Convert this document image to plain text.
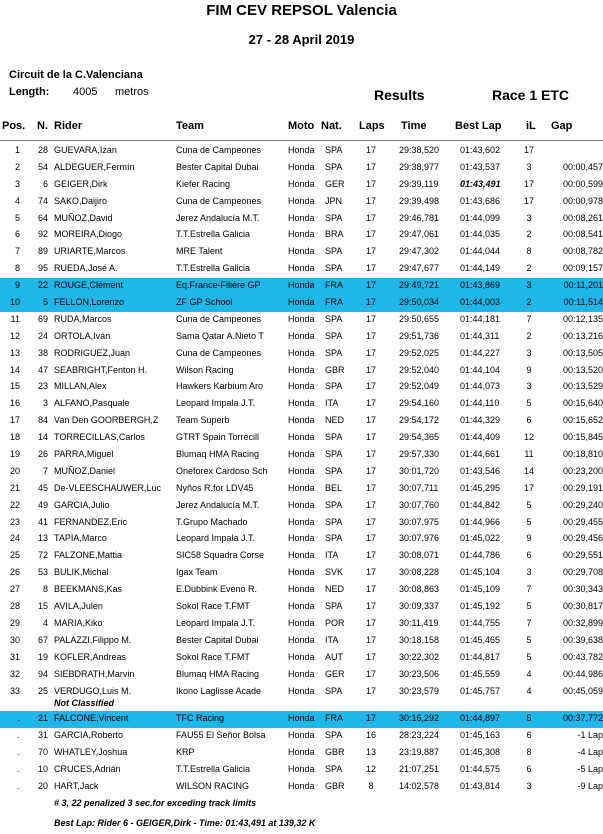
FIM CEV REPSOL Valencia
27 - 28 April 2019
Circuit de la C.Valenciana
Length: 4005 metros	Results	Race 1 ETC
Pos. N. Rider	Team	Moto Nat. Laps Time	Best Lap iL Gap
1	28 GUEVARA,Izan	Cuna de Campeones	Honda	SPA	17	29:38,520	01:43,602	17
2	54 ALDEGUER,Fermín	Bester Capital Dubai	Honda	SPA	17	29:38,977	01:43,537	3	00:00,457
3	6 GEIGER,Dirk	Kiefer Racing	Honda	GER	17	29:39,119	01:43,491	17	00:00,599
4	74 SAKO,Daijiro	Cuna de Campeones	Honda	JPN	17	29:39,498	01:43,686	17	00:00,978
5	64 MUÑOZ,David	Jerez Andalucía M.T.	Honda	SPA	17	29:46,781	01:44,099	3	00:08,261
6	92 MOREIRA,Diogo	T.T.Estrella Galicia	Honda	BRA	17	29:47,061	01:44,035	2	00:08,541
7	89 URIARTE,Marcos	MRE Talent	Honda	SPA	17	29:47,302	01:44,044	8	00:08,782
8	95 RUEDA,José A.	T.T.Estrella Galicia	Honda	SPA	17	29:47,677	01:44,149	2	00:09,157
9	22 ROUGE,Clément	Eq.France-Filière GP	Honda	FRA	17	29:49,721	01:43,869	3	00:11,201
10	5 FELLON,Lorenzo	ZF GP School	Honda	FRA	17	29:50,034	01:44,003	2	00:11,514
11	69 RUDA,Marcos	Cuna de Campeones	Honda	SPA	17	29:50,655	01:44,181	7	00:12,135
12	24 ORTOLA,Iván	Sama Qatar A.Nieto T	Honda	SPA	17	29:51,736	01:44,311	2	00:13,216
13	38 RODRIGUEZ,Juan	Cuna de Campeones	Honda	SPA	17	29:52,025	01:44,227	3	00:13,505
14	47 SEABRIGHT,Fenton H.	Wilson Racing	Honda	GBR	17	29:52,040	01:44,104	9	00:13,520
15	23 MILLAN,Alex	Hawkers Karbium Aro	Honda	SPA	17	29:52,049	01:44,073	3	00:13,529
16	3 ALFANO,Pasquale	Leopard Impala J.T.	Honda	ITA	17	29:54,160	01:44,110	5	00:15,640
17	84 Van Den GOORBERGH,Z	Team Superb	Honda	NED	17	29:54,172	01:44,329	6	00:15,652
18	14 TORRECILLAS,Carlos	GTRT Spain Torrecill	Honda	SPA	17	29:54,365	01:44,409	12	00:15,845
19	26 PARRA,Miguel	Blumaq HMA Racing	Honda	SPA	17	29:57,330	01:44,661	11	00:18,810
20	7 MUÑOZ,Daniel	Oneforex Cardoso Sch	Honda	SPA	17	30:01,720	01:43,546	14	00:23,200
21	45 De-VLEESCHAUWER,Luc	Nyños R.for LDV45	Honda	BEL	17	30:07,711	01:45,295	17	00:29,191
22	49 GARCIA,Julio	Jerez Andalucía M.T.	Honda	SPA	17	30:07,760	01:44,842	5	00:29,240
23	41 FERNANDEZ,Eric	T.Grupo Machado	Honda	SPA	17	30:07,975	01:44,966	5	00:29,455
24	13 TAPIA,Marco	Leopard Impala J.T.	Honda	SPA	17	30:07,976	01:45,022	9	00:29,456
25	72 FALZONE,Mattia	SIC58 Squadra Corse	Honda	ITA	17	30:08,071	01:44,786	6	00:29,551
26	53 BULIK,Michal	Igax Team	Honda	SVK	17	30:08,228	01:45,104	3	00:29,708
27	8 BEEKMANS,Kas	E.Dubbink Eveno R.	Honda	NED	17	30:08,863	01:45,109	7	00:30,343
28	15 AVILA,Julen	Sokol Race T.FMT	Honda	SPA	17	30:09,337	01:45,192	5	00:30,817
29	4 MARIA,Kiko	Leopard Impala J.T.	Honda	POR	17	30:11,419	01:44,755	7	00:32,899
30	67 PALAZZI,Filippo M.	Bester Capital Dubai	Honda	ITA	17	30:18,158	01:45,465	5	00:39,638
31	19 KOFLER,Andreas	Sokol Race T.FMT	Honda	AUT	17	30:22,302	01:44,817	5	00:43,782
32	94 SIEBDRATH,Marvin	Blumaq HMA Racing	Honda	GER	17	30:23,506	01:45,559	4	00:44,986
33	25 VERDUGO,Luis M.	Ikono Laglisse Acade	Honda	SPA	17	30:23,579	01:45,757	4	00:45,059
Not Classified
.	21 FALCONE,Vincent	TFC Racing	Honda	FRA	17	30:16,292	01:44,897	5	00:37,772
.	31 GARCIA,Roberto	FAU55 El Señor Bolsa	Honda	SPA	16	28:23,224	01:45,163	6	-1 Lap
.	70 WHATLEY,Joshua	KRP	Honda	GBR	13	23:19,887	01:45,308	8	-4 Lap
.	10 CRUCES,Adrián	T.T.Estrella Galicia	Honda	SPA	12	21:07,251	01:44,575	6	-5 Lap
.	20 HART,Jack	WILSON RACING	Honda	GBR	8	14:02,578	01:43,814	3	-9 Lap
# 3, 22 penalized 3 sec.for exceding track limits
Best Lap: Rider 6 - GEIGER,Dirk - Time: 01:43,491 at 139,32 K
